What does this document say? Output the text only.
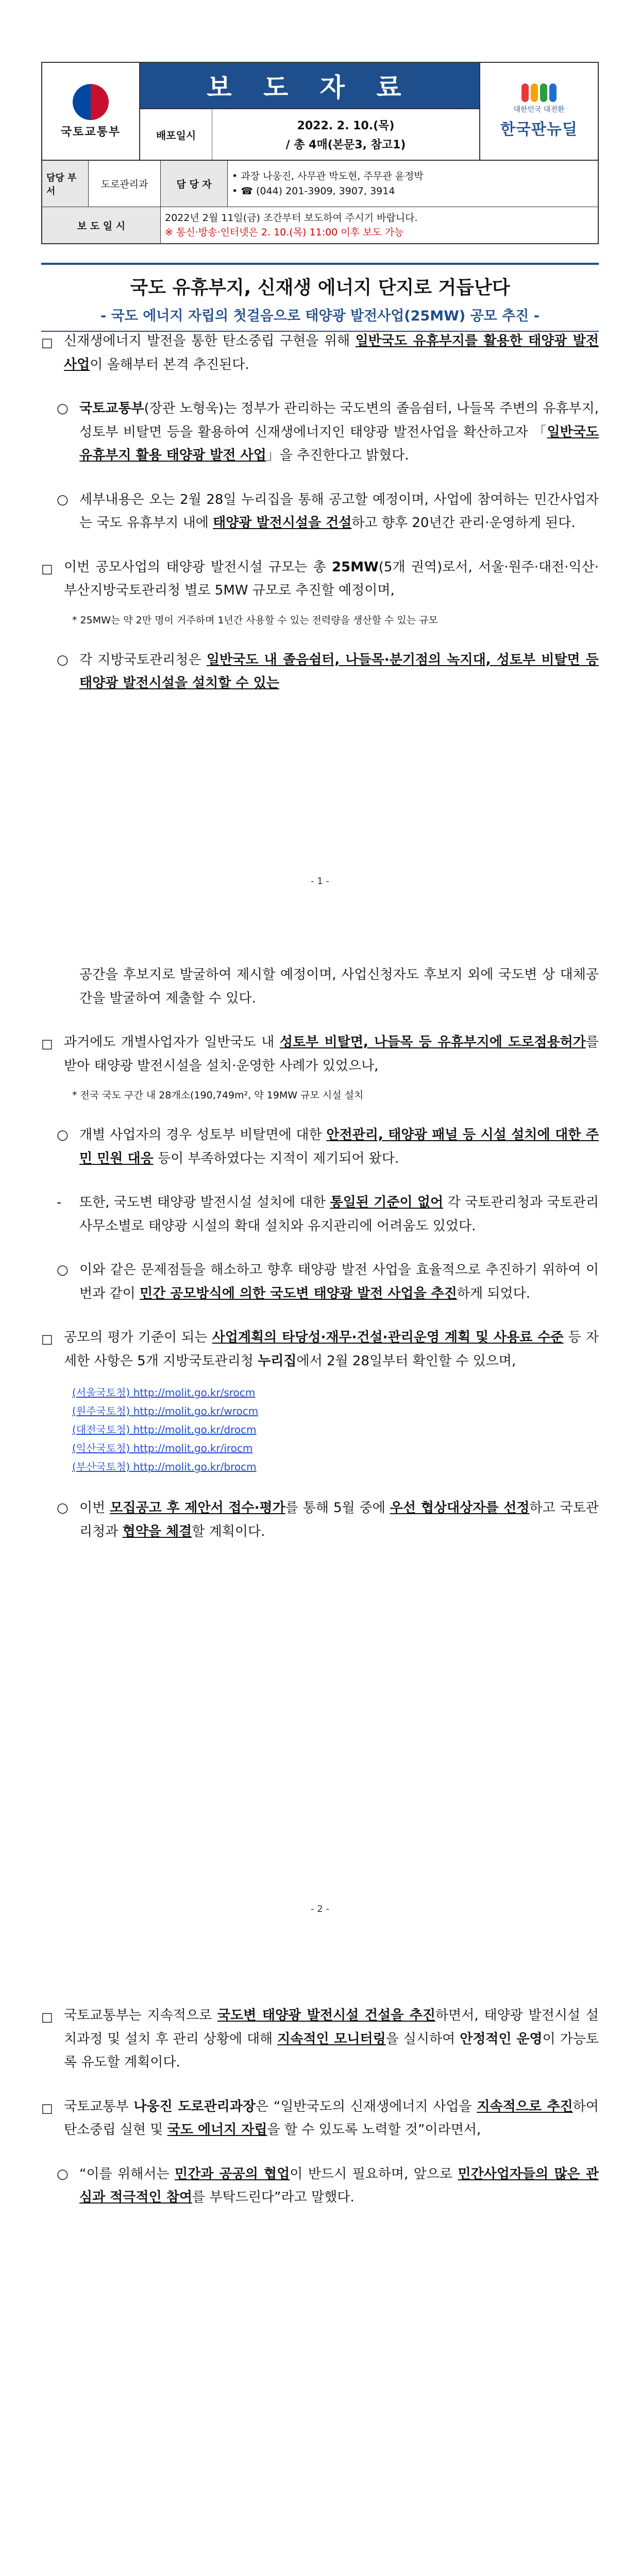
국토교통부
보 도 자 료
배포일시
2022. 2. 10.(목)
/ 총 4매(본문3, 참고1)
대한민국 대전환
한국판뉴딜
담당 부서
도로관리과	담 당 자
• 과장 나웅진, 사무관 박도현, 주무관 윤정박
• ☎ (044) 201-3909, 3907, 3914
보 도 일 시
2022년 2월 11일(금) 조간부터 보도하여 주시기 바랍니다.
※ 통신·방송·인터넷은 2. 10.(목) 11:00 이후 보도 가능
국도 유휴부지, 신재생 에너지 단지로 거듭난다
- 국도 에너지 자립의 첫걸음으로 태양광 발전사업(25MW) 공모 추진 -
□ 신재생에너지 발전을 통한 탄소중립 구현을 위해 일반국도 유휴부지를 활용한 태양광 발전 사업이 올해부터 본격 추진된다.
○ 국토교통부(장관 노형욱)는 정부가 관리하는 국도변의 졸음쉼터, 나들목 주변의 유휴부지, 성토부 비탈면 등을 활용하여 신재생에너지인 태양광 발전사업을 확산하고자 「일반국도 유휴부지 활용 태양광 발전 사업」을 추진한다고 밝혔다.
○ 세부내용은 오는 2월 28일 누리집을 통해 공고할 예정이며, 사업에 참여하는 민간사업자는 국도 유휴부지 내에 태양광 발전시설을 건설하고 향후 20년간 관리·운영하게 된다.
□ 이번 공모사업의 태양광 발전시설 규모는 총 25MW(5개 권역)로서, 서울·원주·대전·익산·부산지방국토관리청 별로 5MW 규모로 추진할 예정이며,
* 25MW는 약 2만 명이 거주하며 1년간 사용할 수 있는 전력량을 생산할 수 있는 규모
○ 각 지방국토관리청은 일반국도 내 졸음쉼터, 나들목·분기점의 녹지대, 성토부 비탈면 등 태양광 발전시설을 설치할 수 있는
- 1 -
공간을 후보지로 발굴하여 제시할 예정이며, 사업신청자도 후보지 외에 국도변 상 대체공간을 발굴하여 제출할 수 있다.
□ 과거에도 개별사업자가 일반국도 내 성토부 비탈면, 나들목 등 유휴부지에 도로점용허가를 받아 태양광 발전시설을 설치·운영한 사례가 있었으나,
* 전국 국도 구간 내 28개소(190,749m², 약 19MW 규모 시설 설치
○ 개별 사업자의 경우 성토부 비탈면에 대한 안전관리, 태양광 패널 등 시설 설치에 대한 주민 민원 대응 등이 부족하였다는 지적이 제기되어 왔다.
-	또한, 국도변 태양광 발전시설 설치에 대한 통일된 기준이 없어 각 국토관리청과 국토관리사무소별로 태양광 시설의 확대 설치와 유지관리에 어려움도 있었다.
○ 이와 같은 문제점들을 해소하고 향후 태양광 발전 사업을 효율적으로 추진하기 위하여 이번과 같이 민간 공모방식에 의한 국도변 태양광 발전 사업을 추진하게 되었다.
□ 공모의 평가 기준이 되는 사업계획의 타당성·재무·건설·관리운영 계획 및 사용료 수준 등 자세한 사항은 5개 지방국토관리청 누리집에서 2월 28일부터 확인할 수 있으며,
(서울국토청) http://molit.go.kr/srocm
(원주국토청) http://molit.go.kr/wrocm
(대전국토청) http://molit.go.kr/drocm
(익산국토청) http://molit.go.kr/irocm
(부산국토청) http://molit.go.kr/brocm
○ 이번 모집공고 후 제안서 접수·평가를 통해 5월 중에 우선 협상대상자를 선정하고 국토관리청과 협약을 체결할 계획이다.
- 2 -
□ 국토교통부는 지속적으로 국도변 태양광 발전시설 건설을 추진하면서, 태양광 발전시설 설치과정 및 설치 후 관리 상황에 대해 지속적인 모니터링을 실시하여 안정적인 운영이 가능토록 유도할 계획이다.
□ 국토교통부 나웅진 도로관리과장은 “일반국도의 신재생에너지 사업을 지속적으로 추진하여 탄소중립 실현 및 국도 에너지 자립을 할 수 있도록 노력할 것”이라면서,
○ “이를 위해서는 민간과 공공의 협업이 반드시 필요하며, 앞으로 민간사업자들의 많은 관심과 적극적인 참여를 부탁드린다”라고 말했다.
